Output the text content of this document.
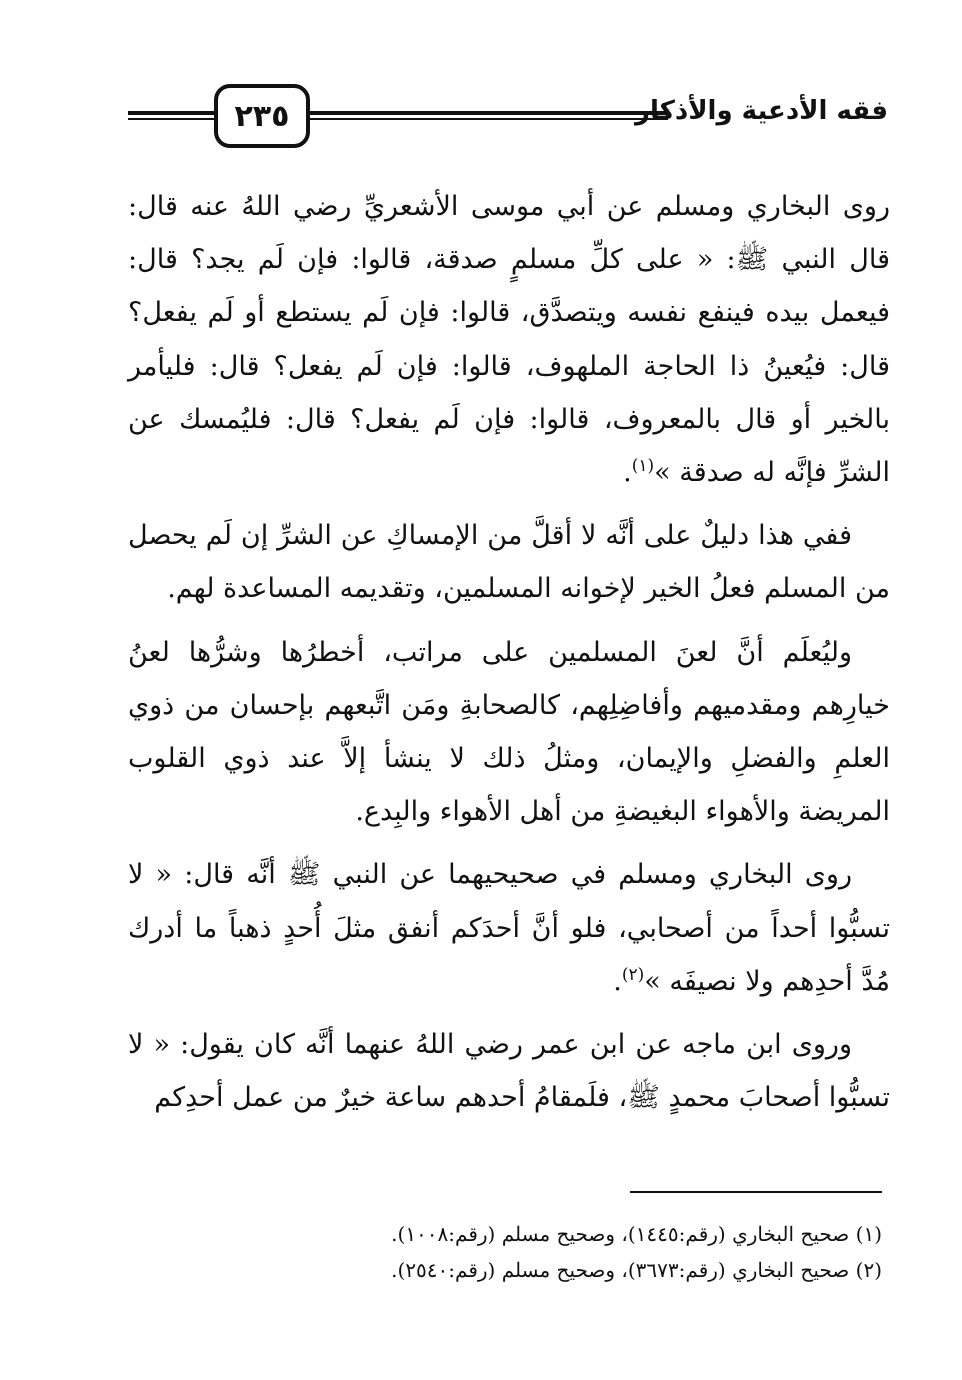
٢٣٥	فقه الأدعية والأذكار

روى البخاري ومسلم عن أبي موسى الأشعريِّ رضي اللهُ عنه قال: قال النبي ﷺ: « على كلِّ مسلمٍ صدقة، قالوا: فإن لَم يجد؟ قال: فيعمل بيده فينفع نفسه ويتصدَّق، قالوا: فإن لَم يستطع أو لَم يفعل؟ قال: فيُعينُ ذا الحاجة الملهوف، قالوا: فإن لَم يفعل؟ قال: فليأمر بالخير أو قال بالمعروف، قالوا: فإن لَم يفعل؟ قال: فليُمسك عن الشرِّ فإنَّه له صدقة »$^{(١)}$.

ففي هذا دليلٌ على أنَّه لا أقلَّ من الإمساكِ عن الشرِّ إن لَم يحصل من المسلم فعلُ الخير لإخوانه المسلمين، وتقديمه المساعدة لهم.

وليُعلَم أنَّ لعنَ المسلمين على مراتب، أخطرُها وشرُّها لعنُ خيارِهم ومقدميهم وأفاضِلِهم، كالصحابةِ ومَن اتَّبعهم بإحسان من ذوي العلمِ والفضلِ والإيمان، ومثلُ ذلك لا ينشأ إلاَّ عند ذوي القلوب المريضة والأهواء البغيضةِ من أهل الأهواء والبِدع.

روى البخاري ومسلم في صحيحيهما عن النبي ﷺ أنَّه قال: « لا تسبُّوا أحداً من أصحابي، فلو أنَّ أحدَكم أنفق مثلَ أُحدٍ ذهباً ما أدرك مُدَّ أحدِهم ولا نصيفَه »$^{(٢)}$.

وروى ابن ماجه عن ابن عمر رضي اللهُ عنهما أنَّه كان يقول: « لا تسبُّوا أصحابَ محمدٍ ﷺ، فلَمقامُ أحدهم ساعة خيرٌ من عمل أحدِكم

(١) صحيح البخاري (رقم:١٤٤٥)، وصحيح مسلم (رقم:١٠٠٨).
(٢) صحيح البخاري (رقم:٣٦٧٣)، وصحيح مسلم (رقم:٢٥٤٠).
